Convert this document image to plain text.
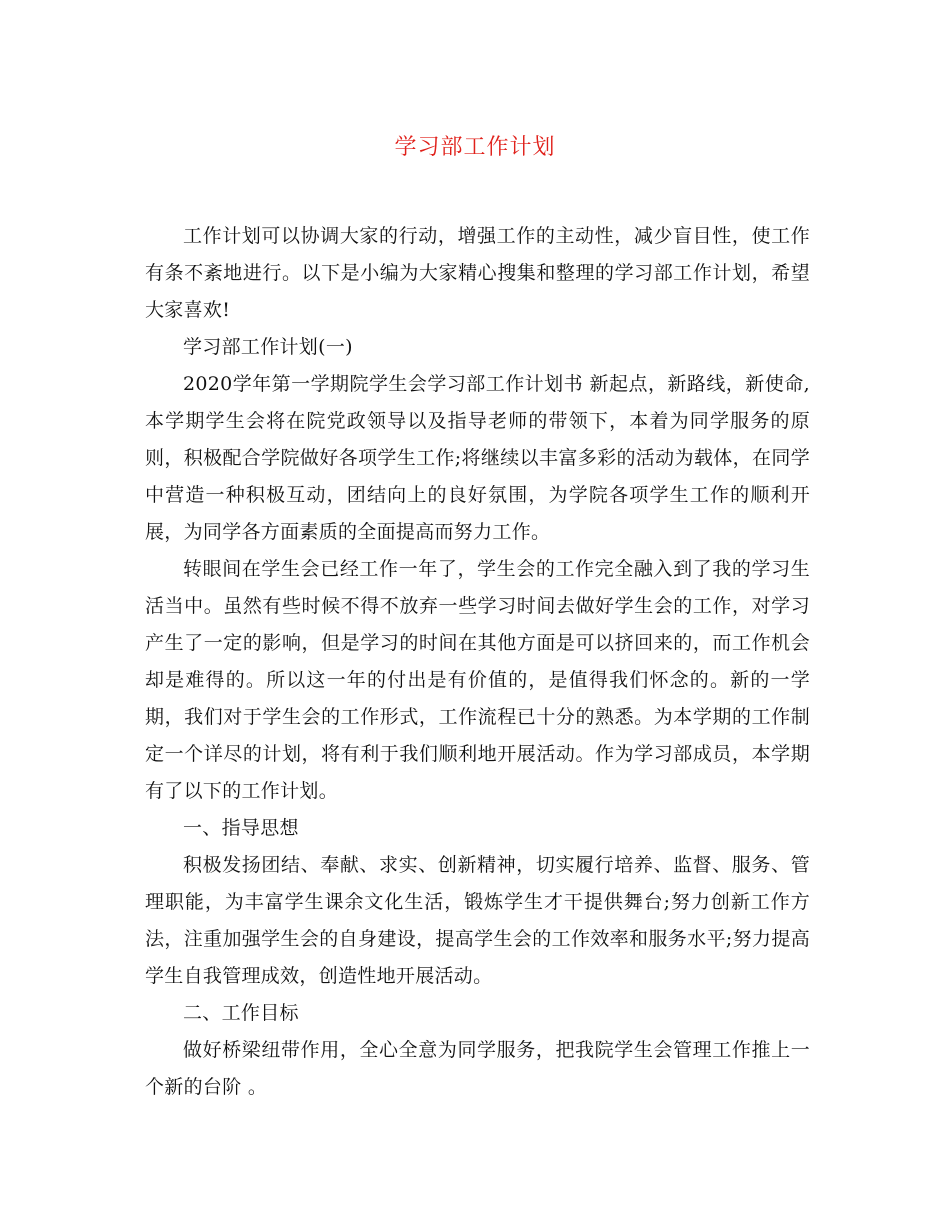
学习部工作计划

工作计划可以协调大家的行动，增强工作的主动性，减少盲目性，使工作有条不紊地进行。以下是小编为大家精心搜集和整理的学习部工作计划，希望大家喜欢!

学习部工作计划(一)

2020学年第一学期院学生会学习部工作计划书 新起点，新路线，新使命,本学期学生会将在院党政领导以及指导老师的带领下，本着为同学服务的原则，积极配合学院做好各项学生工作;将继续以丰富多彩的活动为载体，在同学中营造一种积极互动，团结向上的良好氛围，为学院各项学生工作的顺利开展，为同学各方面素质的全面提高而努力工作。

转眼间在学生会已经工作一年了，学生会的工作完全融入到了我的学习生活当中。虽然有些时候不得不放弃一些学习时间去做好学生会的工作，对学习产生了一定的影响，但是学习的时间在其他方面是可以挤回来的，而工作机会却是难得的。所以这一年的付出是有价值的，是值得我们怀念的。新的一学期，我们对于学生会的工作形式，工作流程已十分的熟悉。为本学期的工作制定一个详尽的计划，将有利于我们顺利地开展活动。作为学习部成员，本学期有了以下的工作计划。

一、指导思想

积极发扬团结、奉献、求实、创新精神，切实履行培养、监督、服务、管理职能，为丰富学生课余文化生活，锻炼学生才干提供舞台;努力创新工作方法，注重加强学生会的自身建设，提高学生会的工作效率和服务水平;努力提高学生自我管理成效，创造性地开展活动。

二、工作目标

做好桥梁纽带作用，全心全意为同学服务，把我院学生会管理工作推上一个新的台阶 。
